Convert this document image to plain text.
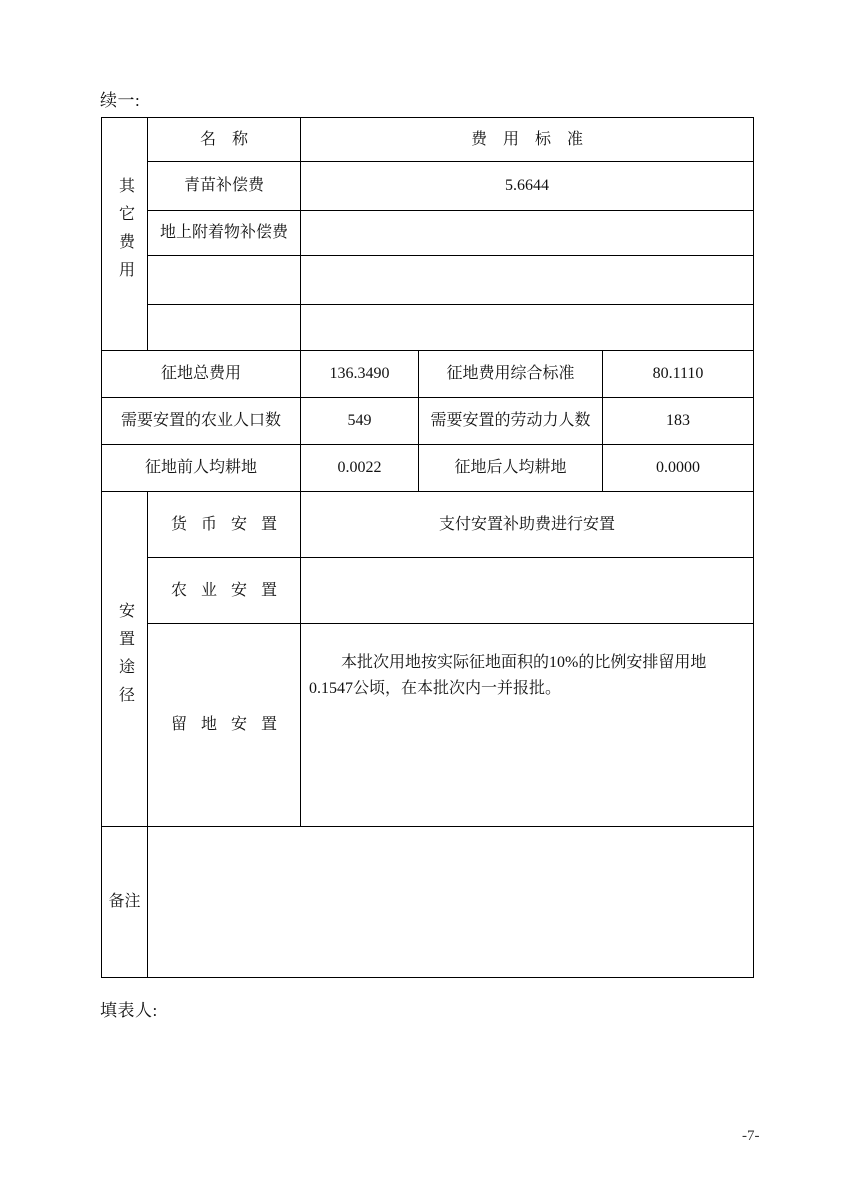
续一:
其它费用	名　称	费　用　标　准		
	青苗补偿费	5.6644		
	地上附着物补偿费			

征地总费用		136.3490	征地费用综合标准	80.1110
需要安置的农业人口数		549	需要安置的劳动力人数	183
征地前人均耕地		0.0022	征地后人均耕地	0.0000
安置途径	货币安置	支付安置补助费进行安置		
	农业安置			
	留地安置	本批次用地按实际征地面积的10%的比例安排留用地0.1547公顷，在本批次内一并报批。		

备注				
填表人:
-7-
